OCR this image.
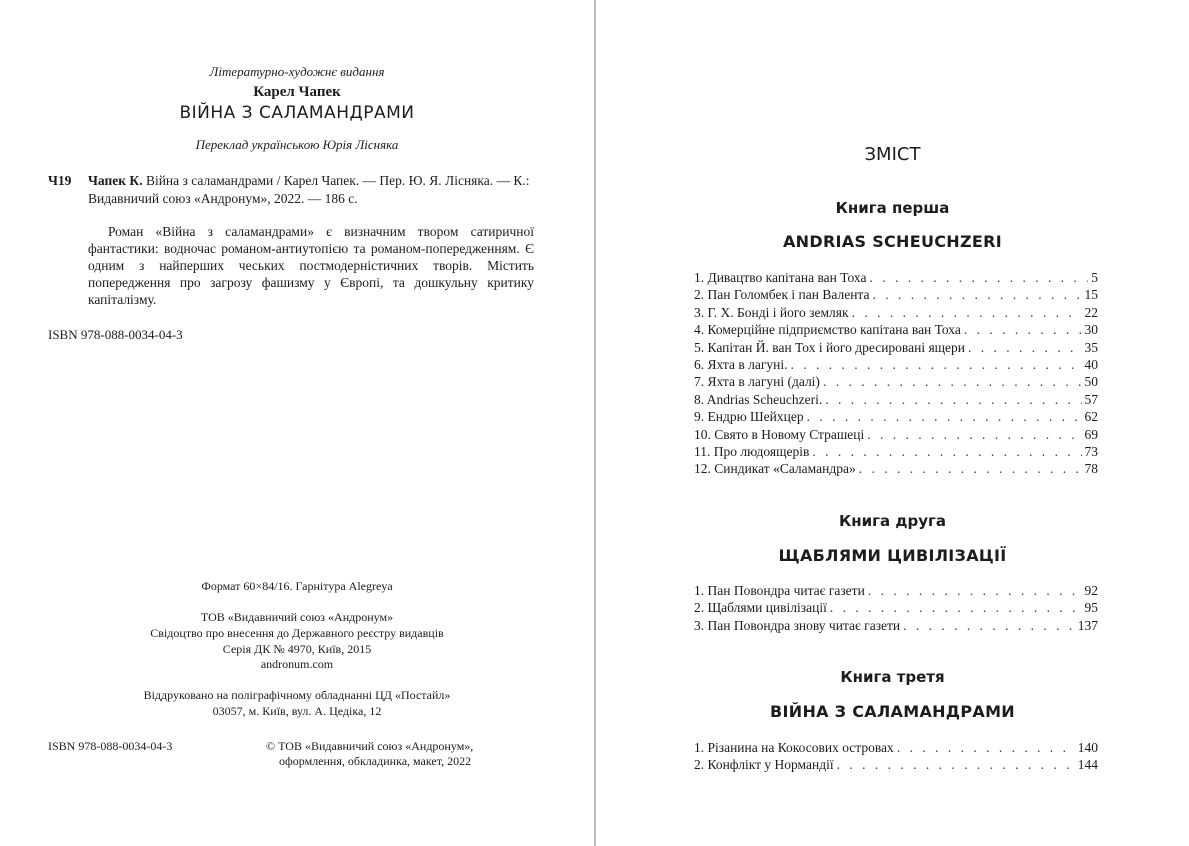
Літературно-художнє видання
Карел Чапек
ВІЙНА З САЛАМАНДРАМИ
Переклад українською Юрія Лісняка
Ч19 Чапек К. Війна з саламандрами / Карел Чапек. — Пер. Ю. Я. Лісняка. — К.: Видавничий союз «Андронум», 2022. — 186 с.
Роман «Війна з саламандрами» є визначним твором сатиричної фантастики: водночас романом-антиутопією та романом-попередженням. Є одним з найперших чеських постмодерністичних творів. Містить попередження про загрозу фашизму у Європі, та дошкульну критику капіталізму.
ISBN 978-088-0034-04-3
Формат 60×84/16. Гарнітура Alegreya
ТОВ «Видавничий союз «Андронум»
Свідоцтво про внесення до Державного реєстру видавців
Серія ДК № 4970, Київ, 2015
andronum.com
Віддруковано на поліграфічному обладнанні ЦД «Постайл»
03057, м. Київ, вул. А. Цедіка, 12
ISBN 978-088-0034-04-3	© ТОВ «Видавничий союз «Андронум»,
оформлення, обкладинка, макет, 2022
ЗМІСТ
Книга перша
ANDRIAS SCHEUCHZERI
1. Дивацтво капітана ван Тоха . . .	5
2. Пан Голомбек і пан Валента . . .	15
3. Г. Х. Бонді і його земляк . . .	22
4. Комерційне підприємство капітана ван Тоха . . .	30
5. Капітан Й. ван Тох і його дресировані ящери . . .	35
6. Яхта в лагуні. . . .	40
7. Яхта в лагуні (далі) . . .	50
8. Andrias Scheuchzeri. . . .	57
9. Ендрю Шейхцер . . .	62
10. Свято в Новому Страшеці . . .	69
11. Про людоящерів . . .	73
12. Синдикат «Саламандра» . . .	78
Книга друга
ЩАБЛЯМИ ЦИВІЛІЗАЦІЇ
1. Пан Повондра читає газети . . .	92
2. Щаблями цивілізації . . .	95
3. Пан Повондра знову читає газети . . .	137
Книга третя
ВІЙНА З САЛАМАНДРАМИ
1. Різанина на Кокосових островах . . .	140
2. Конфлікт у Нормандії . . .	144
